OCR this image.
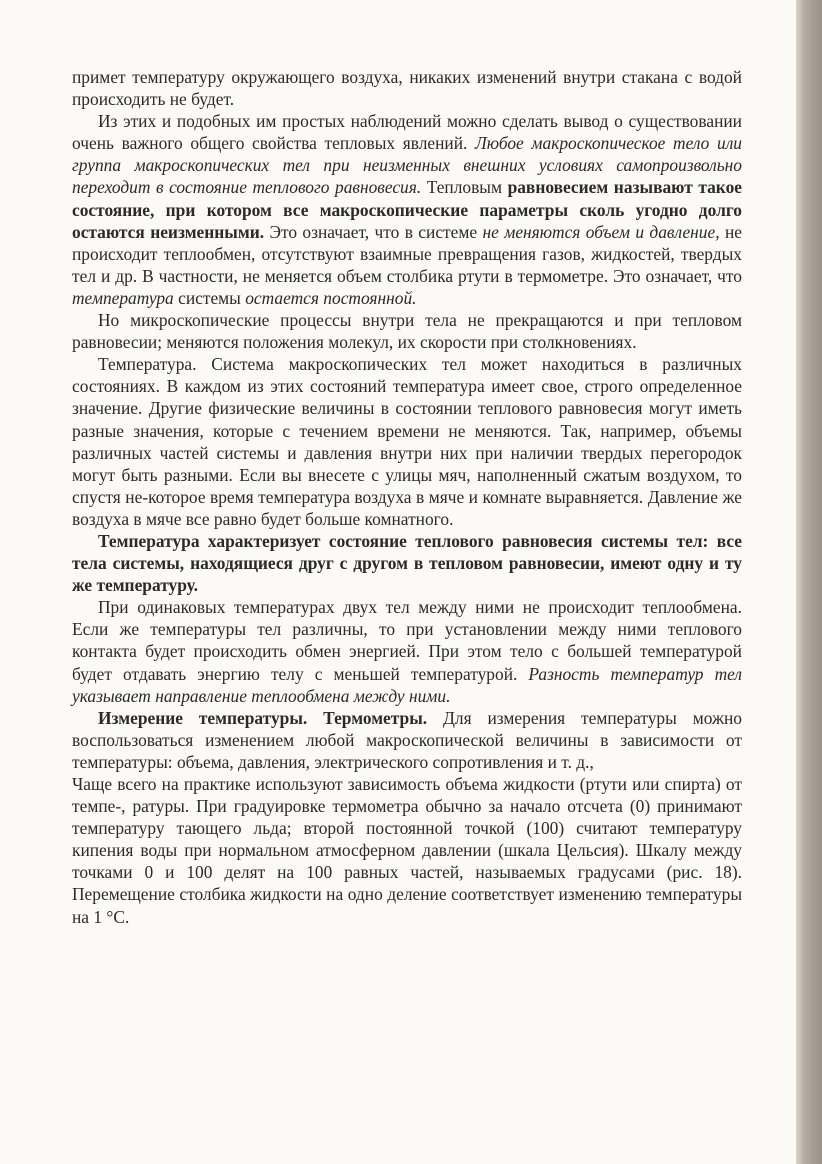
примет температуру окружающего воздуха, никаких изменений внутри стакана с водой происходить не будет.

Из этих и подобных им простых наблюдений можно сделать вывод о существовании очень важного общего свойства тепловых явлений. Любое макроскопическое тело или группа макроскопических тел при неизменных внешних условиях самопроизвольно переходит в состояние теплового равновесия. Тепловым равновесием называют такое состояние, при котором все макроскопические параметры сколь угодно долго остаются неизменными. Это означает, что в системе не меняются объем и давление, не происходит теплообмен, отсутствуют взаимные превращения газов, жидкостей, твердых тел и др. В частности, не меняется объем столбика ртути в термометре. Это означает, что температура системы остается постоянной.

Но микроскопические процессы внутри тела не прекращаются и при тепловом равновесии; меняются положения молекул, их скорости при столкновениях.

Температура. Система макроскопических тел может находиться в различных состояниях. В каждом из этих состояний температура имеет свое, строго определенное значение. Другие физические величины в состоянии теплового равновесия могут иметь разные значения, которые с течением времени не меняются. Так, например, объемы различных частей системы и давления внутри них при наличии твердых перегородок могут быть разными. Если вы внесете с улицы мяч, наполненный сжатым воздухом, то спустя не-которое время температура воздуха в мяче и комнате выравняется. Давление же воздуха в мяче все равно будет больше комнатного.

Температура характеризует состояние теплового равновесия системы тел: все тела системы, находящиеся друг с другом в тепловом равновесии, имеют одну и ту же температуру.

При одинаковых температурах двух тел между ними не происходит теплообмена. Если же температуры тел различны, то при установлении между ними теплового контакта будет происходить обмен энергией. При этом тело с большей температурой будет отдавать энергию телу с меньшей температурой. Разность температур тел указывает направление теплообмена между ними.

Измерение температуры. Термометры. Для измерения температуры можно воспользоваться изменением любой макроскопической величины в зависимости от температуры: объема, давления, электрического сопротивления и т. д.,

Чаще всего на практике используют зависимость объема жидкости (ртути или спирта) от темпе-, ратуры. При градуировке термометра обычно за начало отсчета (0) принимают температуру тающего льда; второй постоянной точкой (100) считают температуру кипения воды при нормальном атмосферном давлении (шкала Цельсия). Шкалу между точками 0 и 100 делят на 100 равных частей, называемых градусами (рис. 18). Перемещение столбика жидкости на одно деление соответствует изменению температуры на 1 °С.
